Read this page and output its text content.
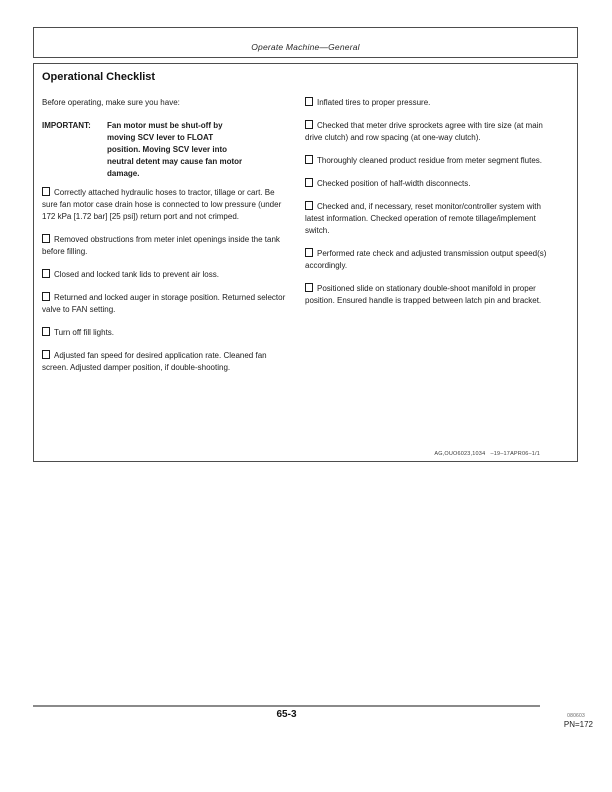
Operate Machine—General
Operational Checklist

Before operating, make sure you have:

IMPORTANT: Fan motor must be shut-off by
moving SCV lever to FLOAT
position. Moving SCV lever into
neutral detent may cause fan motor
damage.

Correctly attached hydraulic hoses to tractor, tillage or cart. Be sure fan motor case drain hose is connected to low pressure (under 172 kPa [1.72 bar] [25 psi]) return port and not crimped.

Removed obstructions from meter inlet openings inside the tank before filling.

Closed and locked tank lids to prevent air loss.

Returned and locked auger in storage position. Returned selector valve to FAN setting.

Turn off fill lights.

Adjusted fan speed for desired application rate. Cleaned fan screen. Adjusted damper position, if double-shooting.

Inflated tires to proper pressure.

Checked that meter drive sprockets agree with tire size (at main drive clutch) and row spacing (at one-way clutch).

Thoroughly cleaned product residue from meter segment flutes.

Checked position of half-width disconnects.

Checked and, if necessary, reset monitor/controller system with latest information. Checked operation of remote tillage/implement switch.

Performed rate check and adjusted transmission output speed(s) accordingly.

Positioned slide on stationary double-shoot manifold in proper position. Ensured handle is trapped between latch pin and bracket.

AG,OUO6023,1034   –19–17APR06–1/1
65-3	080603
PN=172
